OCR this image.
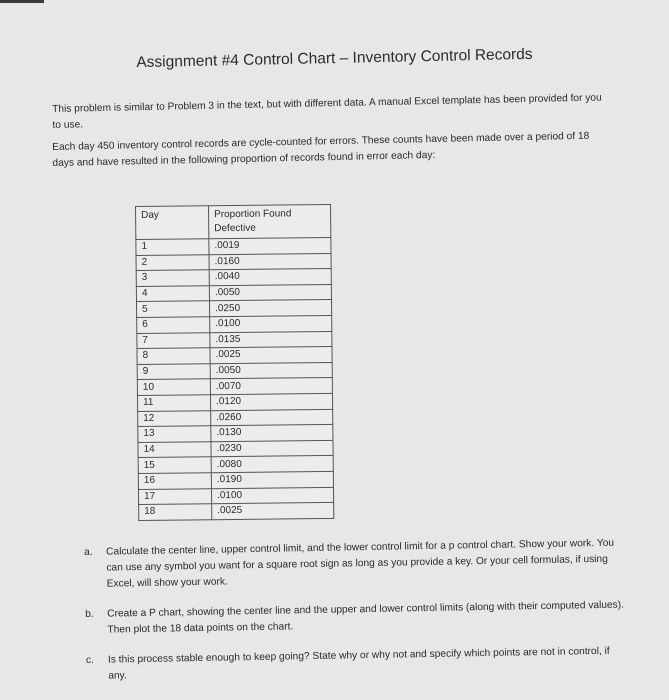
Assignment #4 Control Chart – Inventory Control Records
This problem is similar to Problem 3 in the text, but with different data. A manual Excel template has been provided for you to use.
Each day 450 inventory control records are cycle-counted for errors. These counts have been made over a period of 18 days and have resulted in the following proportion of records found in error each day:
Day	Proportion Found Defective
1	.0019
2	.0160
3	.0040
4	.0050
5	.0250
6	.0100
7	.0135
8	.0025
9	.0050
10	.0070
11	.0120
12	.0260
13	.0130
14	.0230
15	.0080
16	.0190
17	.0100
18	.0025
a. Calculate the center line, upper control limit, and the lower control limit for a p control chart. Show your work. You can use any symbol you want for a square root sign as long as you provide a key. Or your cell formulas, if using Excel, will show your work.
b. Create a P chart, showing the center line and the upper and lower control limits (along with their computed values). Then plot the 18 data points on the chart.
c. Is this process stable enough to keep going? State why or why not and specify which points are not in control, if any.
